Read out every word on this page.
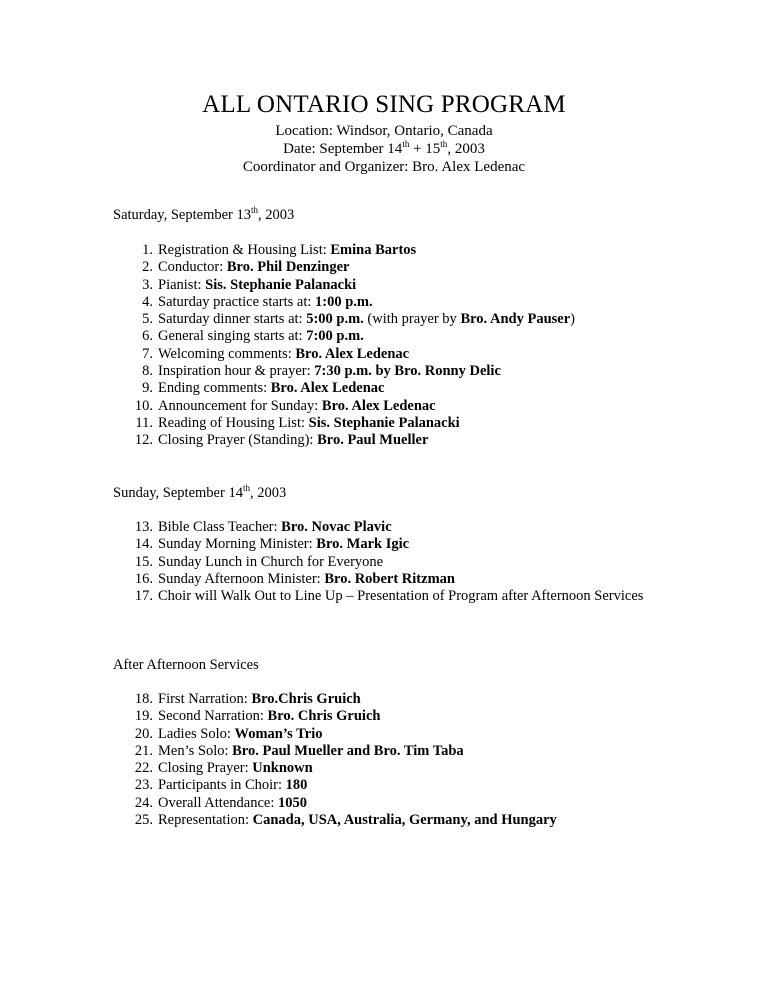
ALL ONTARIO SING PROGRAM
Location: Windsor, Ontario, Canada
Date: September 14th + 15th, 2003
Coordinator and Organizer: Bro. Alex Ledenac
Saturday, September 13th, 2003
1. Registration & Housing List: Emina Bartos
2. Conductor: Bro. Phil Denzinger
3. Pianist: Sis. Stephanie Palanacki
4. Saturday practice starts at: 1:00 p.m.
5. Saturday dinner starts at: 5:00 p.m. (with prayer by Bro. Andy Pauser)
6. General singing starts at: 7:00 p.m.
7. Welcoming comments: Bro. Alex Ledenac
8. Inspiration hour & prayer: 7:30 p.m. by Bro. Ronny Delic
9. Ending comments: Bro. Alex Ledenac
10. Announcement for Sunday: Bro. Alex Ledenac
11. Reading of Housing List: Sis. Stephanie Palanacki
12. Closing Prayer (Standing): Bro. Paul Mueller
Sunday, September 14th, 2003
13. Bible Class Teacher: Bro. Novac Plavic
14. Sunday Morning Minister: Bro. Mark Igic
15. Sunday Lunch in Church for Everyone
16. Sunday Afternoon Minister: Bro. Robert Ritzman
17. Choir will Walk Out to Line Up – Presentation of Program after Afternoon Services
After Afternoon Services
18. First Narration: Bro.Chris Gruich
19. Second Narration: Bro. Chris Gruich
20. Ladies Solo: Woman’s Trio
21. Men’s Solo: Bro. Paul Mueller and Bro. Tim Taba
22. Closing Prayer: Unknown
23. Participants in Choir: 180
24. Overall Attendance: 1050
25. Representation: Canada, USA, Australia, Germany, and Hungary
